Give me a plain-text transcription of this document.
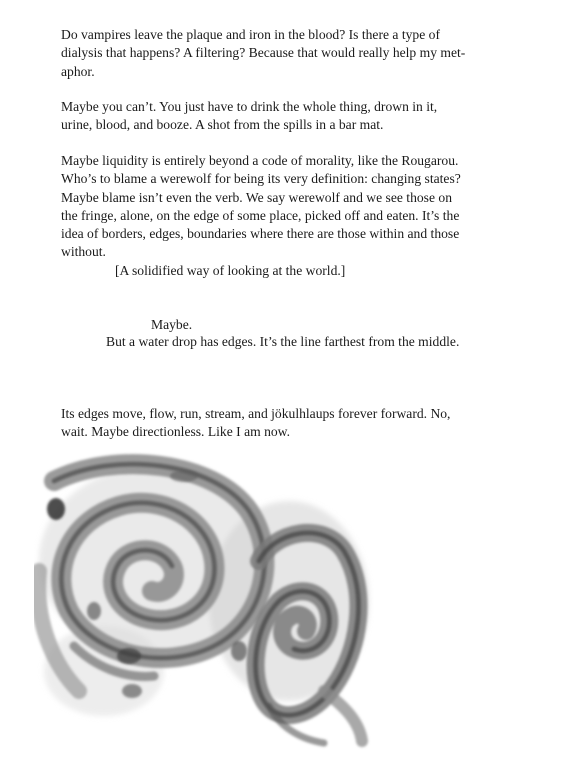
Do vampires leave the plaque and iron in the blood? Is there a type of
dialysis that happens? A filtering? Because that would really help my met-
aphor.

Maybe you can’t. You just have to drink the whole thing, drown in it,
urine, blood, and booze. A shot from the spills in a bar mat.

Maybe liquidity is entirely beyond a code of morality, like the Rougarou.
Who’s to blame a werewolf for being its very definition: changing states?
Maybe blame isn’t even the verb. We say werewolf and we see those on
the fringe, alone, on the edge of some place, picked off and eaten. It’s the
idea of borders, edges, boundaries where there are those within and those
without.

[A solidified way of looking at the world.]

Maybe.

But a water drop has edges. It’s the line farthest from the middle.

Its edges move, flow, run, stream, and jökulhlaups forever forward. No,
wait. Maybe directionless. Like I am now.
